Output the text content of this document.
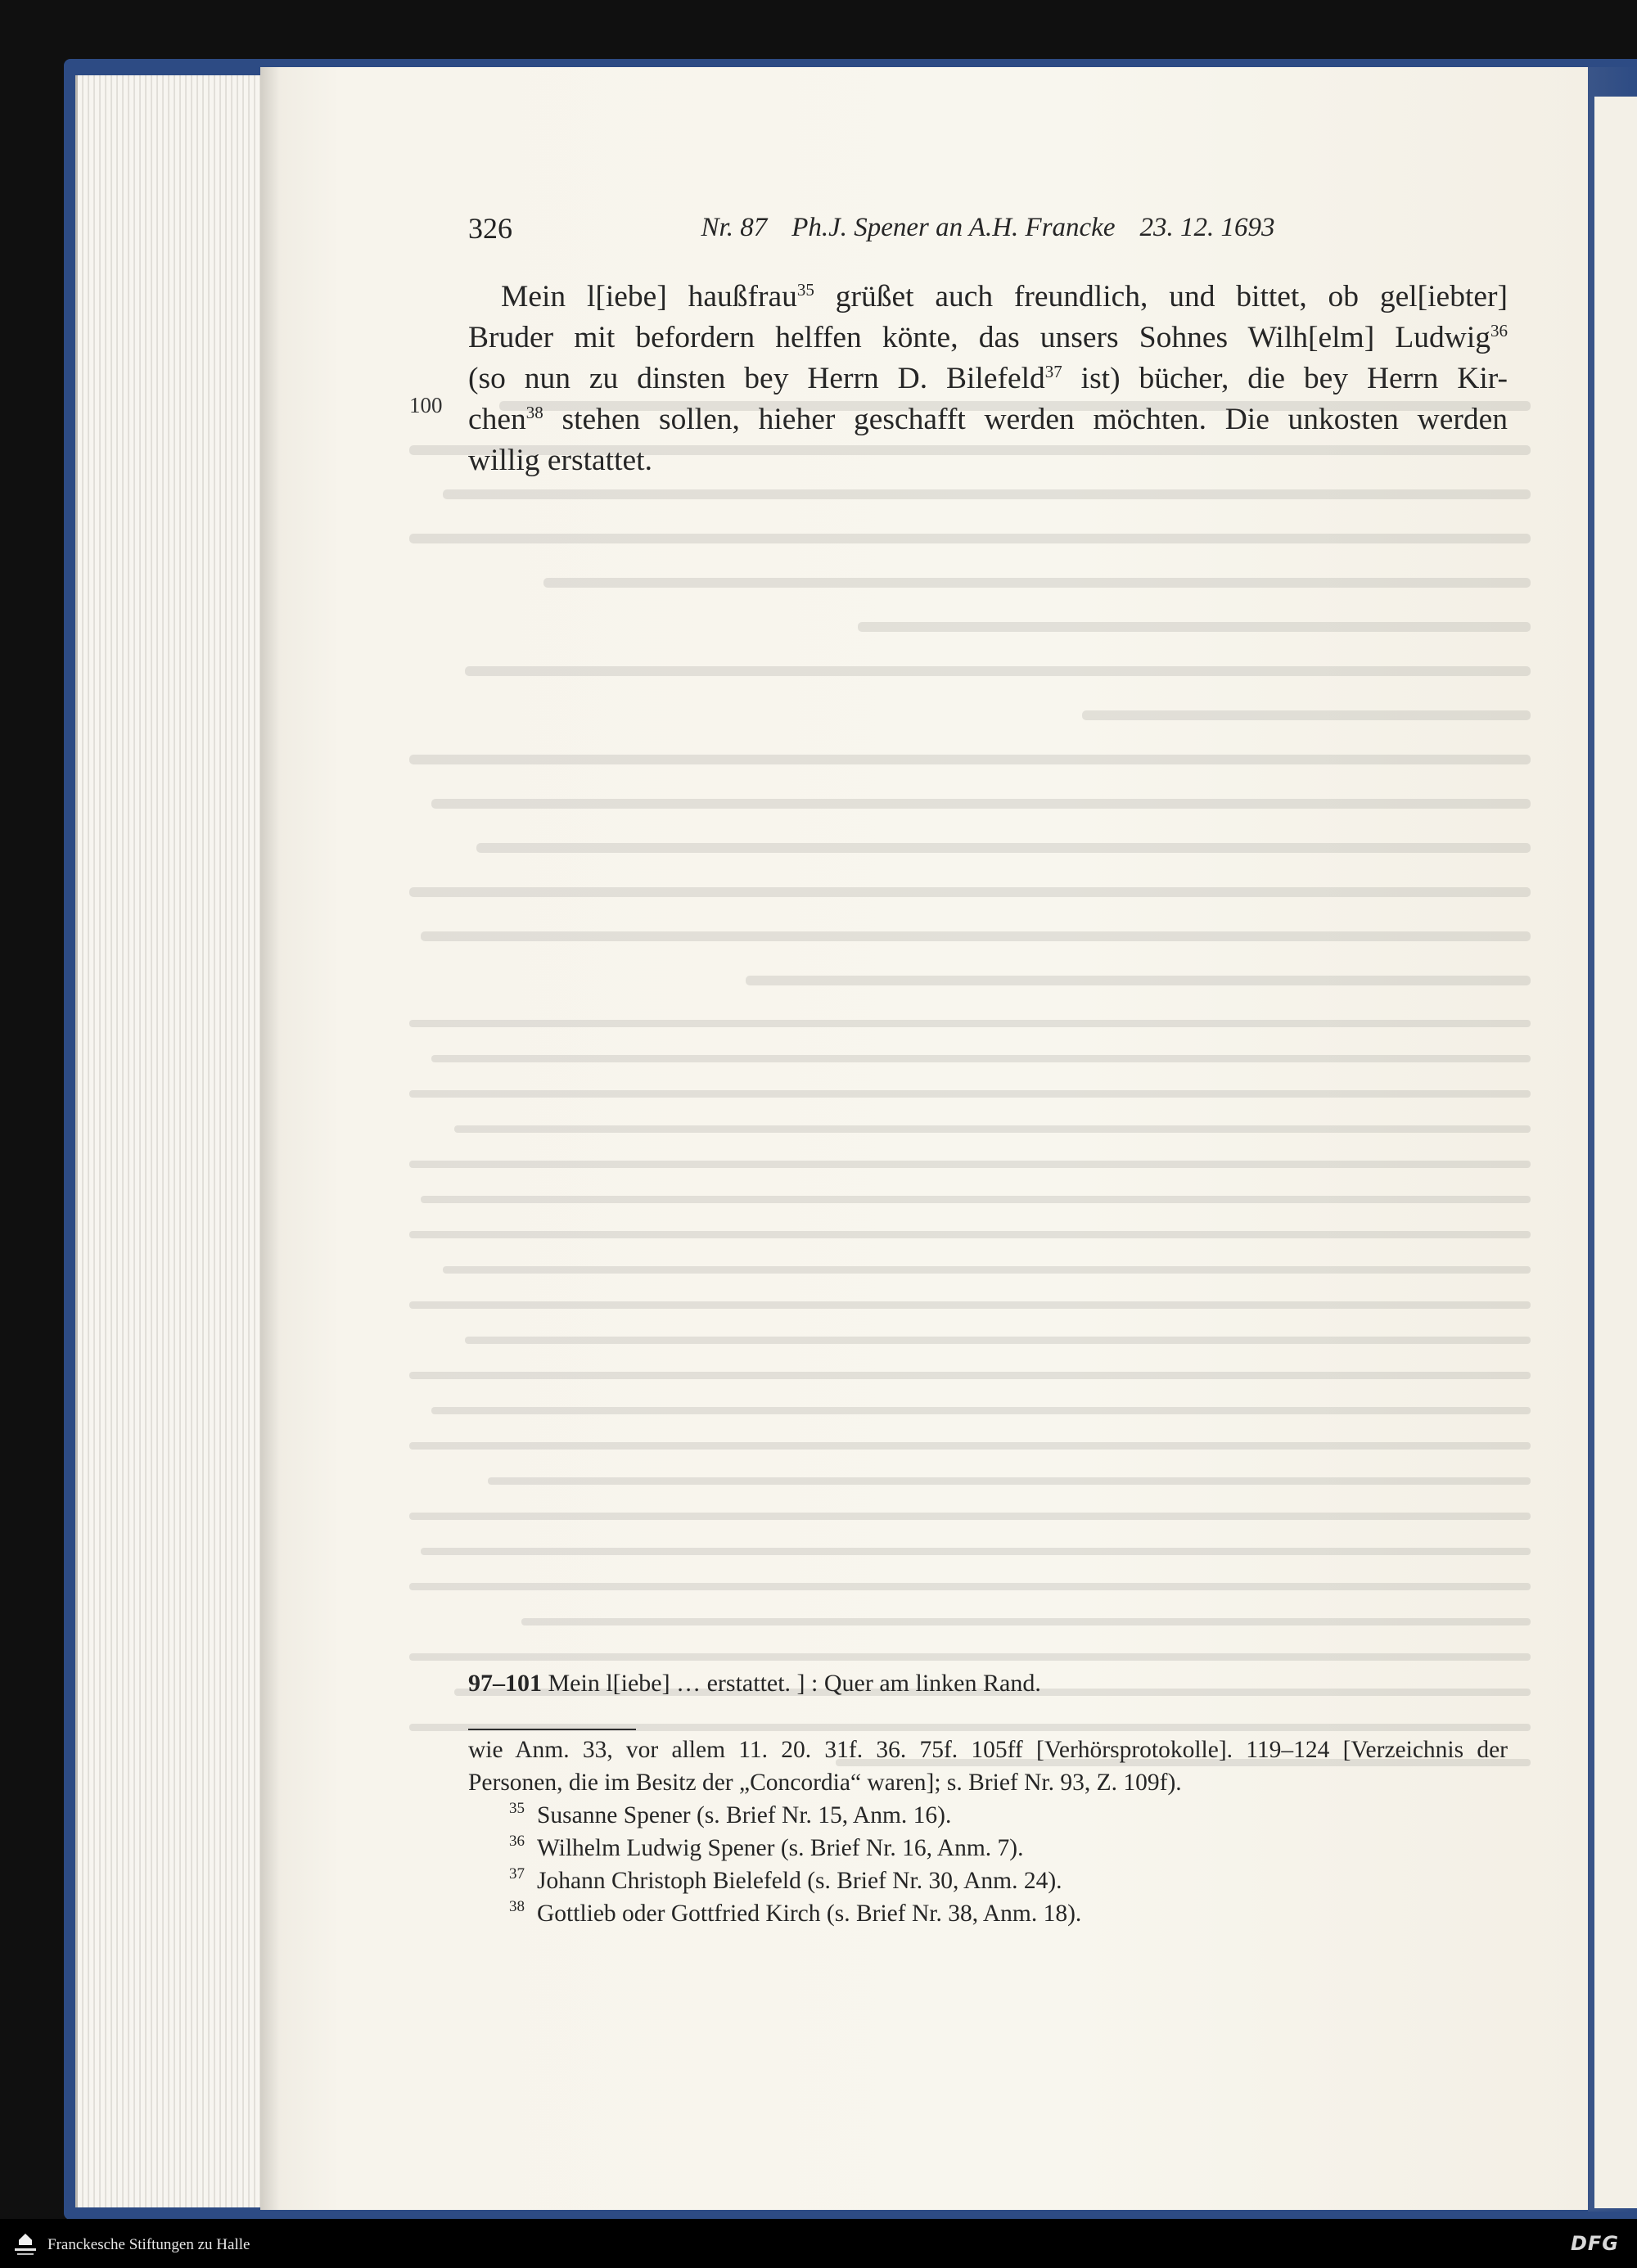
326	Nr. 87 Ph.J. Spener an A.H. Francke 23. 12. 1693
100
Mein l[iebe] haußfrau$^{35}$ grüßet auch freundlich, und bittet, ob gel[iebter]
Bruder mit befordern helffen könte, das unsers Sohnes Wilh[elm] Ludwig$^{36}$
(so nun zu dinsten bey Herrn D. Bilefeld$^{37}$ ist) bücher, die bey Herrn Kir-
chen$^{38}$ stehen sollen, hieher geschafft werden möchten. Die unkosten werden
willig erstattet.
97–101 Mein l[iebe] … erstattet. ] : Quer am linken Rand.
wie Anm. 33, vor allem 11. 20. 31f. 36. 75f. 105ff [Verhörsprotokolle]. 119–124 [Verzeichnis der
Personen, die im Besitz der „Concordia“ waren]; s. Brief Nr. 93, Z. 109f).
35 Susanne Spener (s. Brief Nr. 15, Anm. 16).
36 Wilhelm Ludwig Spener (s. Brief Nr. 16, Anm. 7).
37 Johann Christoph Bielefeld (s. Brief Nr. 30, Anm. 24).
38 Gottlieb oder Gottfried Kirch (s. Brief Nr. 38, Anm. 18).
Franckesche Stiftungen zu Halle	DFG
